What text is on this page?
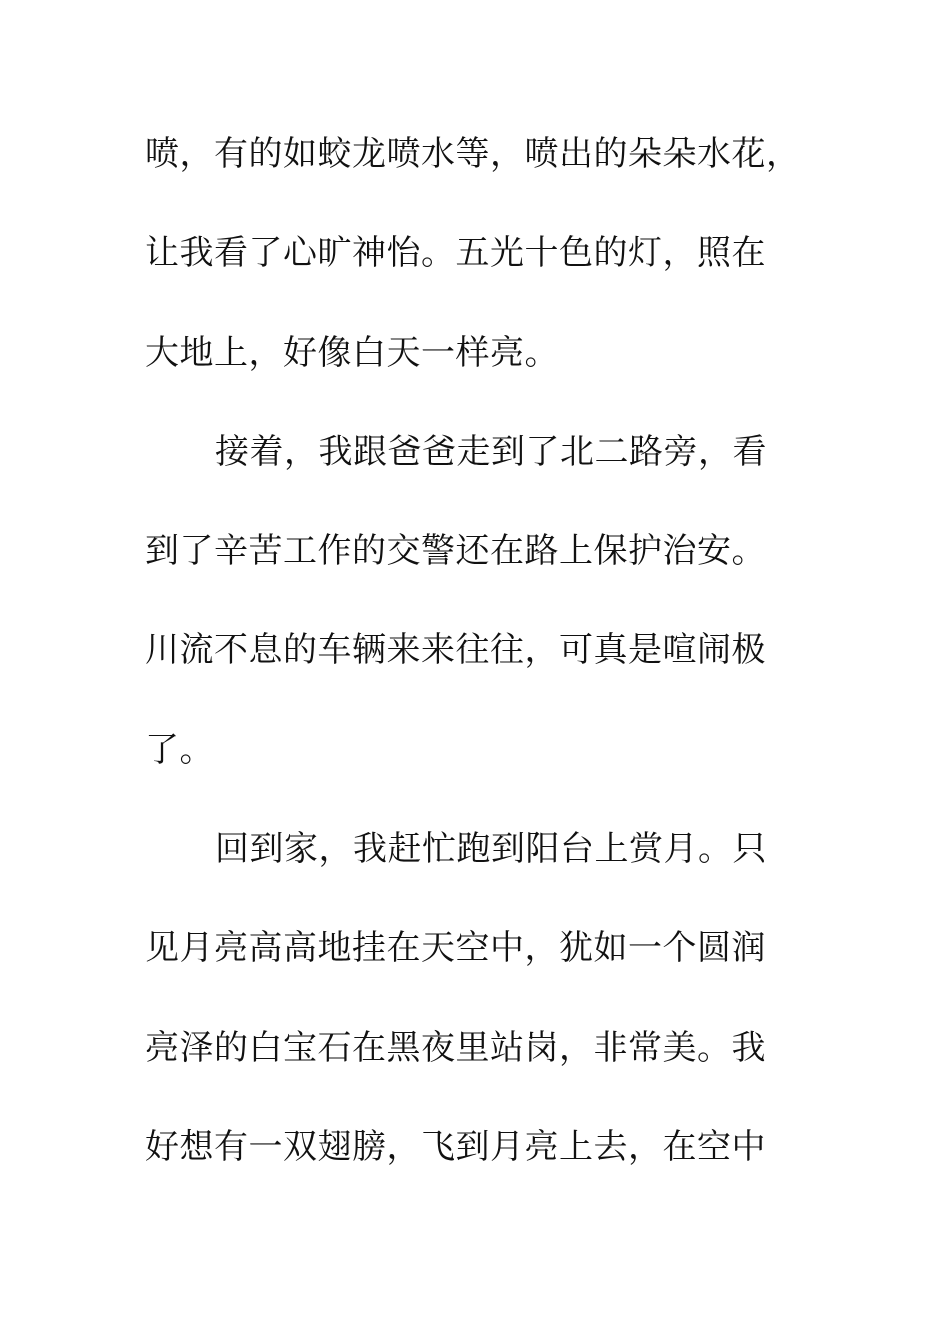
喷，有的如蛟龙喷水等，喷出的朵朵水花，
让我看了心旷神怡。五光十色的灯，照在
大地上，好像白天一样亮。
接着，我跟爸爸走到了北二路旁，看
到了辛苦工作的交警还在路上保护治安。
川流不息的车辆来来往往，可真是喧闹极
了。
回到家，我赶忙跑到阳台上赏月。只
见月亮高高地挂在天空中，犹如一个圆润
亮泽的白宝石在黑夜里站岗，非常美。我
好想有一双翅膀，飞到月亮上去，在空中
